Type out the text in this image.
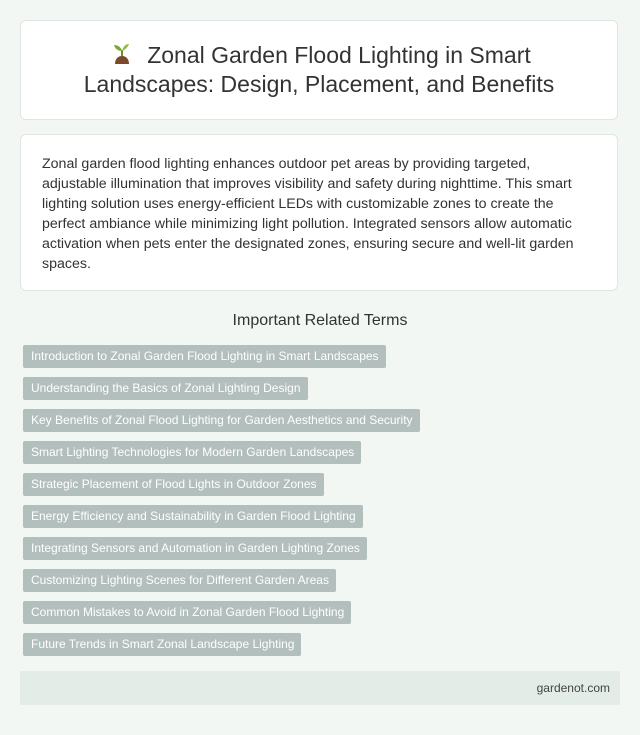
Zonal Garden Flood Lighting in Smart Landscapes: Design, Placement, and Benefits

Zonal garden flood lighting enhances outdoor pet areas by providing targeted, adjustable illumination that improves visibility and safety during nighttime. This smart lighting solution uses energy-efficient LEDs with customizable zones to create the perfect ambiance while minimizing light pollution. Integrated sensors allow automatic activation when pets enter the designated zones, ensuring secure and well-lit garden spaces.

Important Related Terms
Introduction to Zonal Garden Flood Lighting in Smart Landscapes
Understanding the Basics of Zonal Lighting Design
Key Benefits of Zonal Flood Lighting for Garden Aesthetics and Security
Smart Lighting Technologies for Modern Garden Landscapes
Strategic Placement of Flood Lights in Outdoor Zones
Energy Efficiency and Sustainability in Garden Flood Lighting
Integrating Sensors and Automation in Garden Lighting Zones
Customizing Lighting Scenes for Different Garden Areas
Common Mistakes to Avoid in Zonal Garden Flood Lighting
Future Trends in Smart Zonal Landscape Lighting
gardenot.com
